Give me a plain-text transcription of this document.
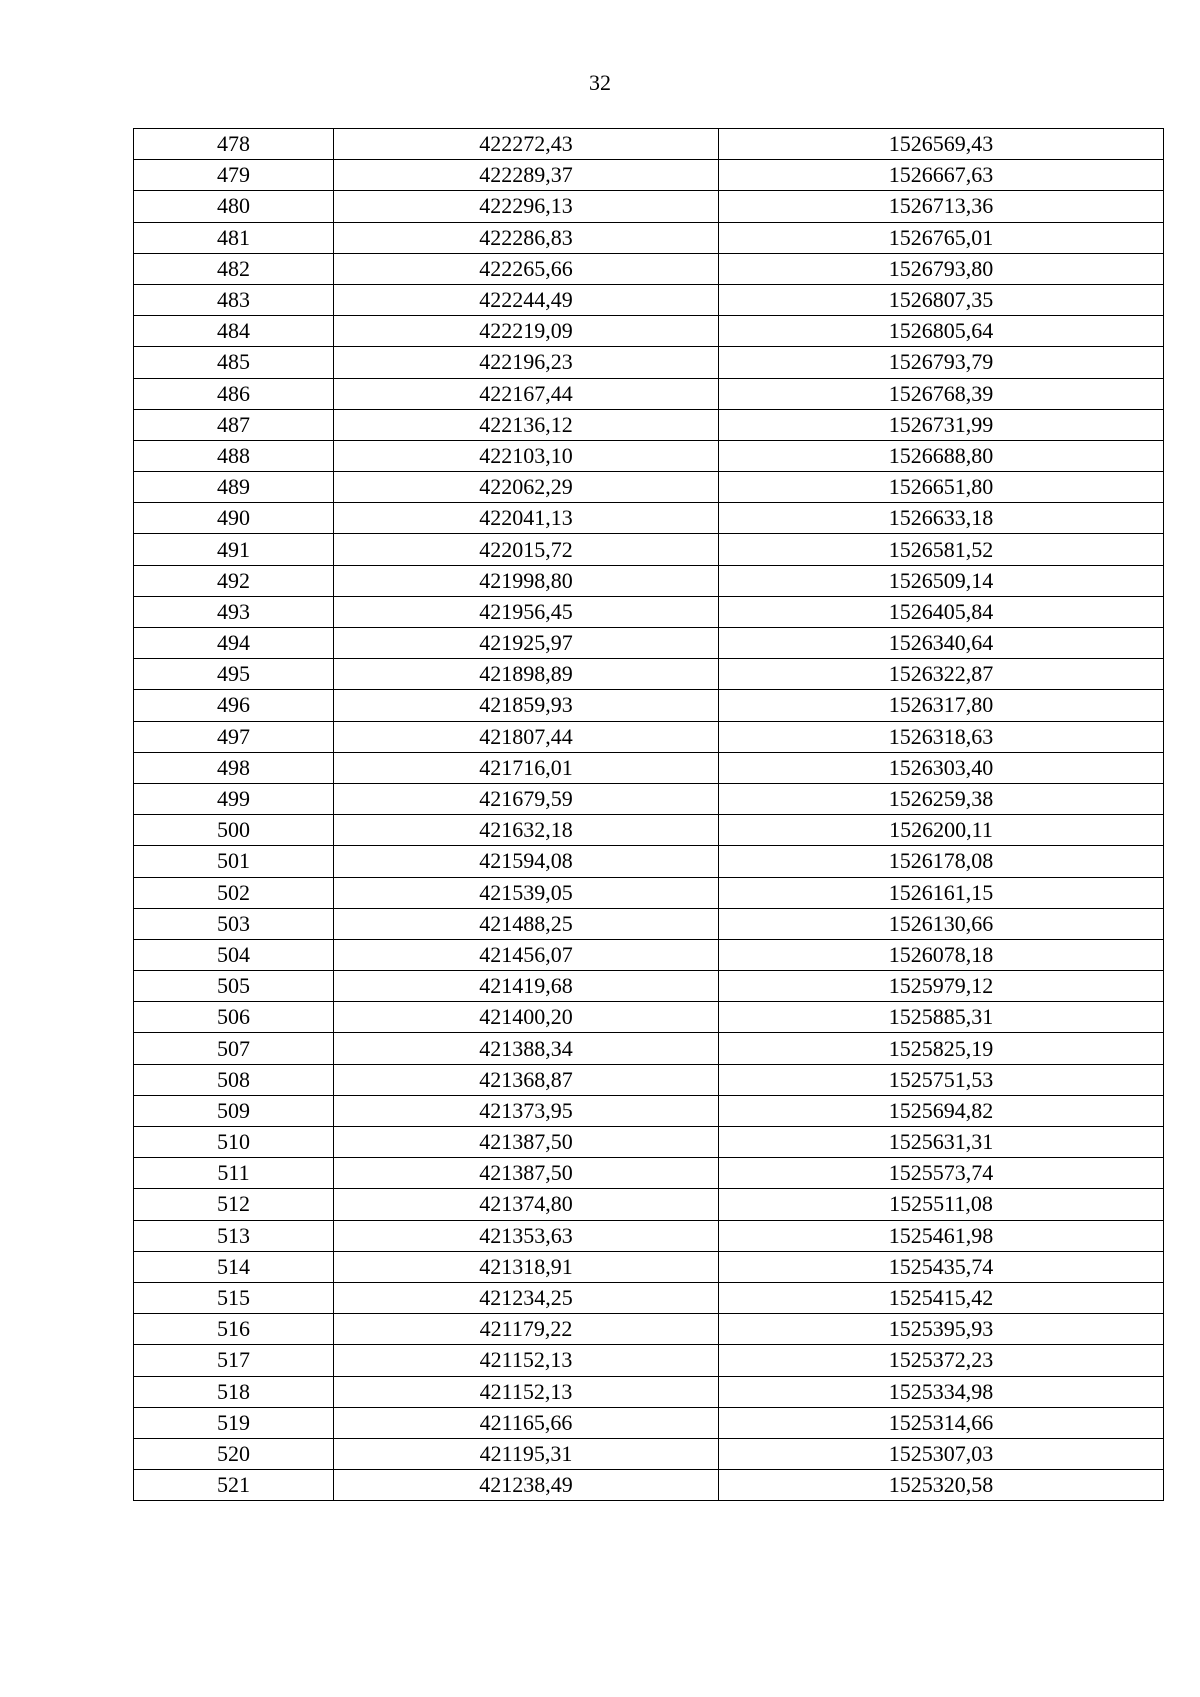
32
478	422272,43	1526569,43
479	422289,37	1526667,63
480	422296,13	1526713,36
481	422286,83	1526765,01
482	422265,66	1526793,80
483	422244,49	1526807,35
484	422219,09	1526805,64
485	422196,23	1526793,79
486	422167,44	1526768,39
487	422136,12	1526731,99
488	422103,10	1526688,80
489	422062,29	1526651,80
490	422041,13	1526633,18
491	422015,72	1526581,52
492	421998,80	1526509,14
493	421956,45	1526405,84
494	421925,97	1526340,64
495	421898,89	1526322,87
496	421859,93	1526317,80
497	421807,44	1526318,63
498	421716,01	1526303,40
499	421679,59	1526259,38
500	421632,18	1526200,11
501	421594,08	1526178,08
502	421539,05	1526161,15
503	421488,25	1526130,66
504	421456,07	1526078,18
505	421419,68	1525979,12
506	421400,20	1525885,31
507	421388,34	1525825,19
508	421368,87	1525751,53
509	421373,95	1525694,82
510	421387,50	1525631,31
511	421387,50	1525573,74
512	421374,80	1525511,08
513	421353,63	1525461,98
514	421318,91	1525435,74
515	421234,25	1525415,42
516	421179,22	1525395,93
517	421152,13	1525372,23
518	421152,13	1525334,98
519	421165,66	1525314,66
520	421195,31	1525307,03
521	421238,49	1525320,58
